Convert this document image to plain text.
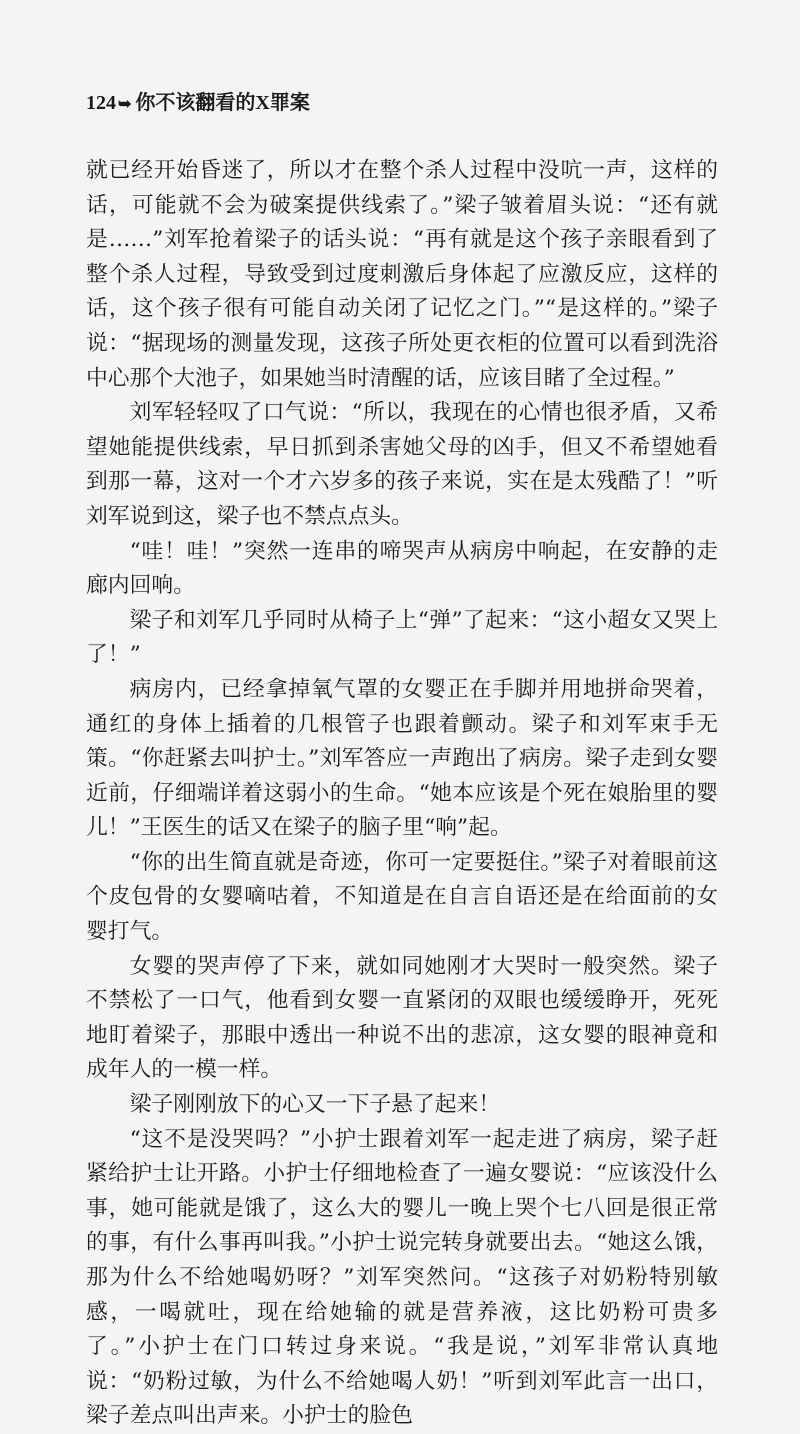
124 ➥ 你不该翻看的 X 罪案

就已经开始昏迷了，所以才在整个杀人过程中没吭一声，这样的话，可能就不会为破案提供线索了。”梁子皱着眉头说：“还有就是……”刘军抢着梁子的话头说：“再有就是这个孩子亲眼看到了整个杀人过程，导致受到过度刺激后身体起了应激反应，这样的话，这个孩子很有可能自动关闭了记忆之门。”“是这样的。”梁子说：“据现场的测量发现，这孩子所处更衣柜的位置可以看到洗浴中心那个大池子，如果她当时清醒的话，应该目睹了全过程。”

刘军轻轻叹了口气说：“所以，我现在的心情也很矛盾，又希望她能提供线索，早日抓到杀害她父母的凶手，但又不希望她看到那一幕，这对一个才六岁多的孩子来说，实在是太残酷了！”听刘军说到这，梁子也不禁点点头。

“哇！哇！”突然一连串的啼哭声从病房中响起，在安静的走廊内回响。

梁子和刘军几乎同时从椅子上“弹”了起来：“这小超女又哭上了！”

病房内，已经拿掉氧气罩的女婴正在手脚并用地拼命哭着，通红的身体上插着的几根管子也跟着颤动。梁子和刘军束手无策。“你赶紧去叫护士。”刘军答应一声跑出了病房。梁子走到女婴近前，仔细端详着这弱小的生命。“她本应该是个死在娘胎里的婴儿！”王医生的话又在梁子的脑子里“响”起。

“你的出生简直就是奇迹，你可一定要挺住。”梁子对着眼前这个皮包骨的女婴嘀咕着，不知道是在自言自语还是在给面前的女婴打气。

女婴的哭声停了下来，就如同她刚才大哭时一般突然。梁子不禁松了一口气，他看到女婴一直紧闭的双眼也缓缓睁开，死死地盯着梁子，那眼中透出一种说不出的悲凉，这女婴的眼神竟和成年人的一模一样。

梁子刚刚放下的心又一下子悬了起来！

“这不是没哭吗？”小护士跟着刘军一起走进了病房，梁子赶紧给护士让开路。小护士仔细地检查了一遍女婴说：“应该没什么事，她可能就是饿了，这么大的婴儿一晚上哭个七八回是很正常的事，有什么事再叫我。”小护士说完转身就要出去。“她这么饿，那为什么不给她喝奶呀？”刘军突然问。“这孩子对奶粉特别敏感，一喝就吐，现在给她输的就是营养液，这比奶粉可贵多了。”小护士在门口转过身来说。“我是说，”刘军非常认真地说：“奶粉过敏，为什么不给她喝人奶！”听到刘军此言一出口，梁子差点叫出声来。小护士的脸色
